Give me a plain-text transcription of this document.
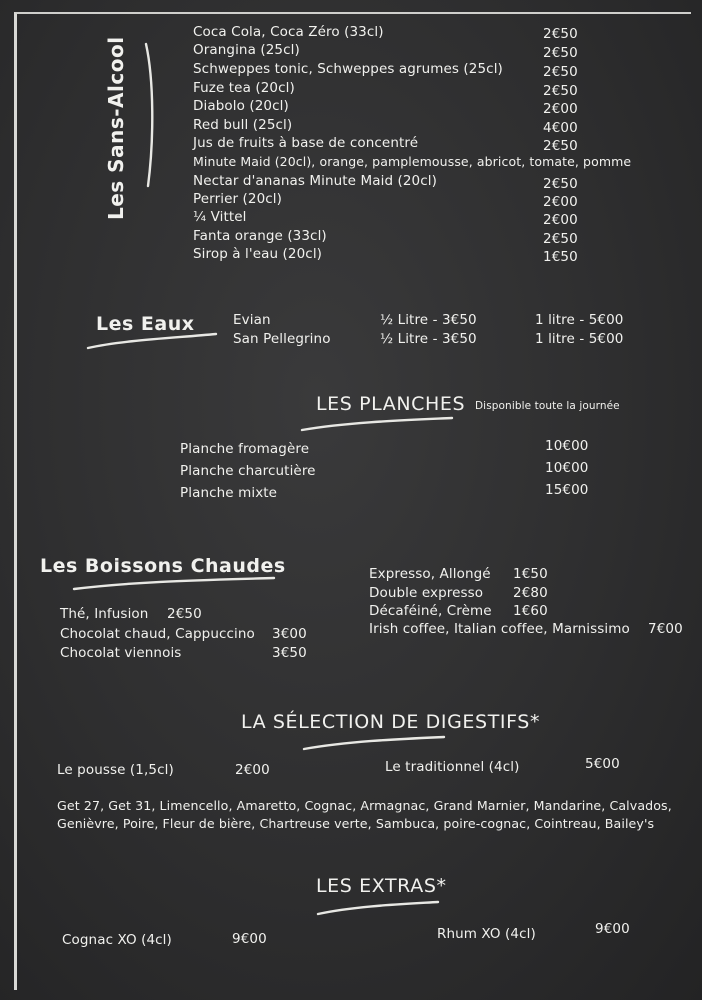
Les Sans-Alcool
Coca Cola, Coca Zéro (33cl)	2€50
Orangina (25cl)	2€50
Schweppes tonic, Schweppes agrumes (25cl)	2€50
Fuze tea (20cl)	2€50
Diabolo (20cl)	2€00
Red bull (25cl)	4€00
Jus de fruits à base de concentré	2€50
Minute Maid (20cl), orange, pamplemousse, abricot, tomate, pomme
Nectar d'ananas Minute Maid (20cl)	2€50
Perrier (20cl)	2€00
¼ Vittel	2€00
Fanta orange (33cl)	2€50
Sirop à l'eau (20cl)	1€50
Les Eaux	Evian	½ Litre - 3€50	1 litre - 5€00
San Pellegrino	½ Litre - 3€50	1 litre - 5€00
LES PLANCHES Disponible toute la journée
Planche fromagère	10€00
Planche charcutière	10€00
Planche mixte	15€00
Les Boissons Chaudes
Thé, Infusion 2€50
Chocolat chaud, Cappuccino 3€00
Chocolat viennois	3€50
Expresso, Allongé 1€50
Double expresso 2€80
Décaféiné, Crème 1€60
Irish coffee, Italian coffee, Marnissimo 7€00
LA SÉLECTION DE DIGESTIFS*
Le pousse (1,5cl)	2€00	Le traditionnel (4cl)	5€00
Get 27, Get 31, Limencello, Amaretto, Cognac, Armagnac, Grand Marnier, Mandarine, Calvados,
Genièvre, Poire, Fleur de bière, Chartreuse verte, Sambuca, poire-cognac, Cointreau, Bailey's
LES EXTRAS*
Cognac XO (4cl)	9€00	Rhum XO (4cl)	9€00
